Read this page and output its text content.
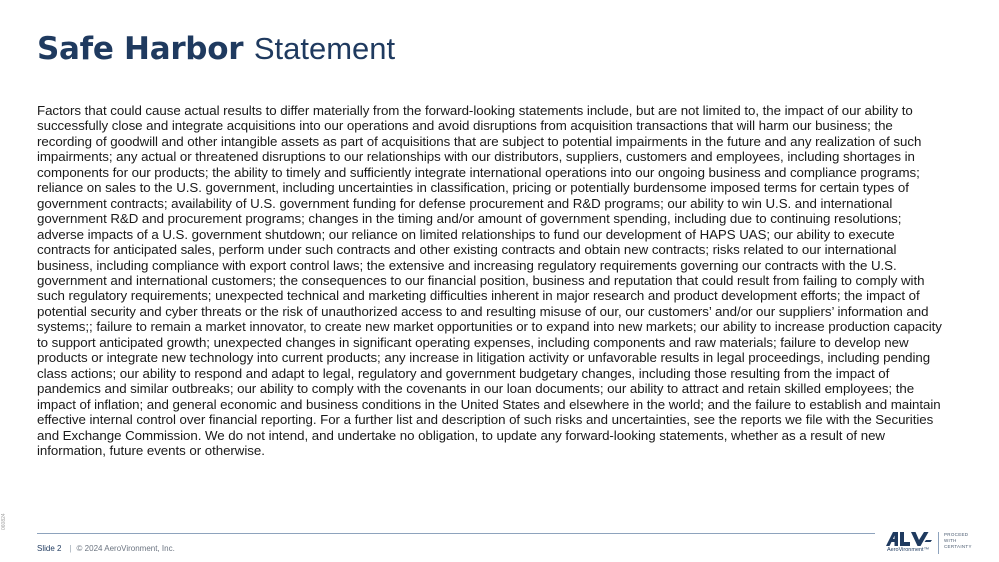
Safe Harbor Statement

Factors that could cause actual results to differ materially from the forward-looking statements include, but are not limited to, the impact of our ability to successfully close and integrate acquisitions into our operations and avoid disruptions from acquisition transactions that will harm our business; the recording of goodwill and other intangible assets as part of acquisitions that are subject to potential impairments in the future and any realization of such impairments; any actual or threatened disruptions to our relationships with our distributors, suppliers, customers and employees, including shortages in components for our products; the ability to timely and sufficiently integrate international operations into our ongoing business and compliance programs; reliance on sales to the U.S. government, including uncertainties in classification, pricing or potentially burdensome imposed terms for certain types of government contracts; availability of U.S. government funding for defense procurement and R&D programs; our ability to win U.S. and international government R&D and procurement programs; changes in the timing and/or amount of government spending, including due to continuing resolutions; adverse impacts of a U.S. government shutdown; our reliance on limited relationships to fund our development of HAPS UAS; our ability to execute contracts for anticipated sales, perform under such contracts and other existing contracts and obtain new contracts; risks related to our international business, including compliance with export control laws; the extensive and increasing regulatory requirements governing our contracts with the U.S. government and international customers; the consequences to our financial position, business and reputation that could result from failing to comply with such regulatory requirements; unexpected technical and marketing difficulties inherent in major research and product development efforts; the impact of potential security and cyber threats or the risk of unauthorized access to and resulting misuse of our, our customers’ and/or our suppliers’ information and systems;; failure to remain a market innovator, to create new market opportunities or to expand into new markets; our ability to increase production capacity to support anticipated growth; unexpected changes in significant operating expenses, including components and raw materials; failure to develop new products or integrate new technology into current products; any increase in litigation activity or unfavorable results in legal proceedings, including pending class actions; our ability to respond and adapt to legal, regulatory and government budgetary changes, including those resulting from the impact of pandemics and similar outbreaks; our ability to comply with the covenants in our loan documents; our ability to attract and retain skilled employees; the impact of inflation; and general economic and business conditions in the United States and elsewhere in the world; and the failure to establish and maintain effective internal control over financial reporting. For a further list and description of such risks and uncertainties, see the reports we file with the Securities and Exchange Commission. We do not intend, and undertake no obligation, to update any forward-looking statements, whether as a result of new information, future events or otherwise.

060824
Slide 2 | © 2024 AeroVironment, Inc.	AeroVironment™
PROCEED
WITH
CERTAINTY
